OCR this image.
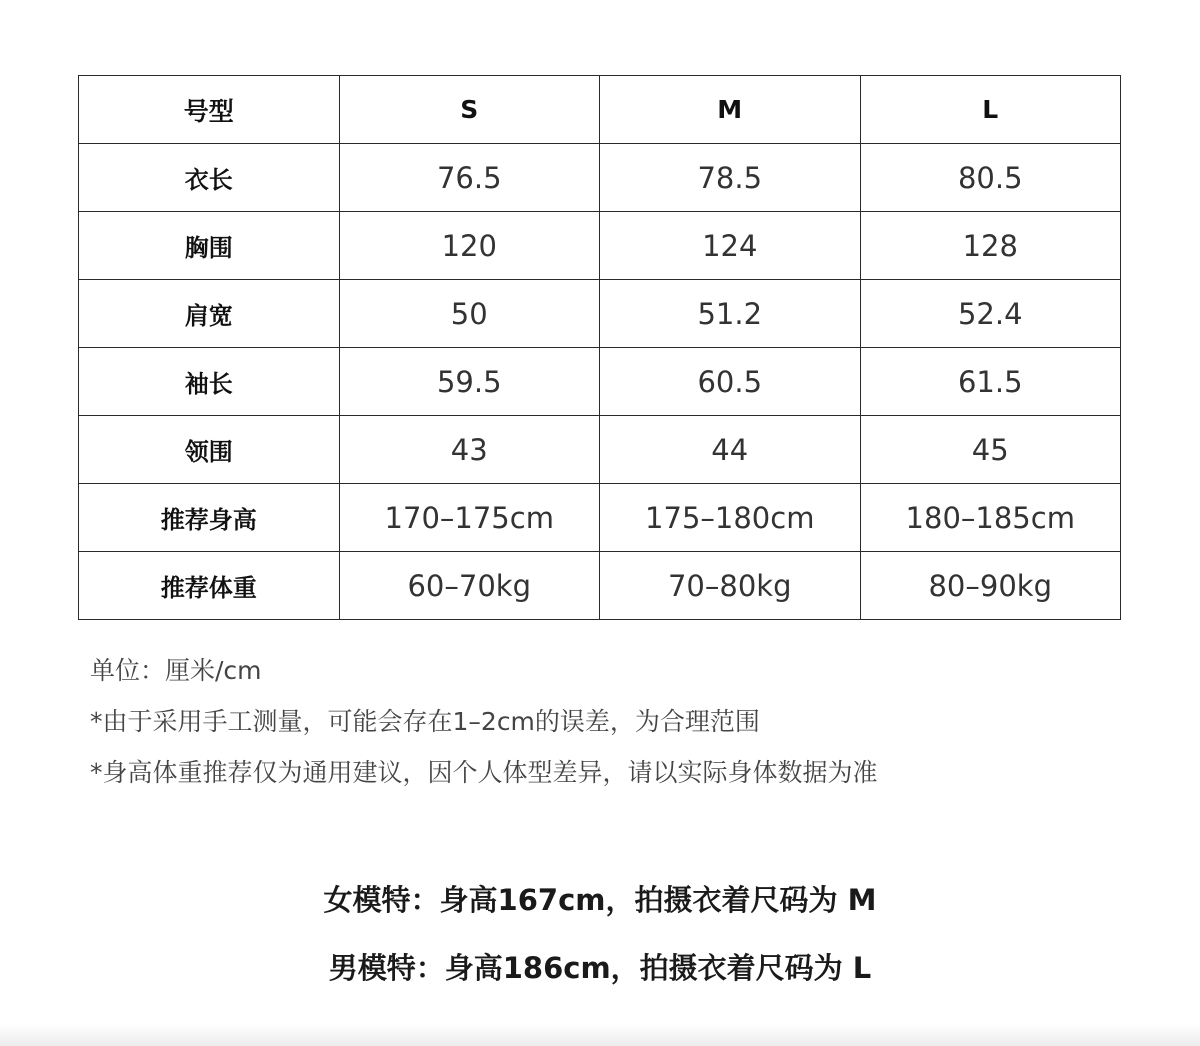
号型	S	M	L
衣长	76.5	78.5	80.5
胸围	120	124	128
肩宽	50	51.2	52.4
袖长	59.5	60.5	61.5
领围	43	44	45
推荐身高	170–175cm	175–180cm	180–185cm
推荐体重	60–70kg	70–80kg	80–90kg
单位：厘米/cm
*由于采用手工测量，可能会存在1–2cm的误差，为合理范围
*身高体重推荐仅为通用建议，因个人体型差异，请以实际身体数据为准
女模特：身高167cm，拍摄衣着尺码为 M
男模特：身高186cm，拍摄衣着尺码为 L
